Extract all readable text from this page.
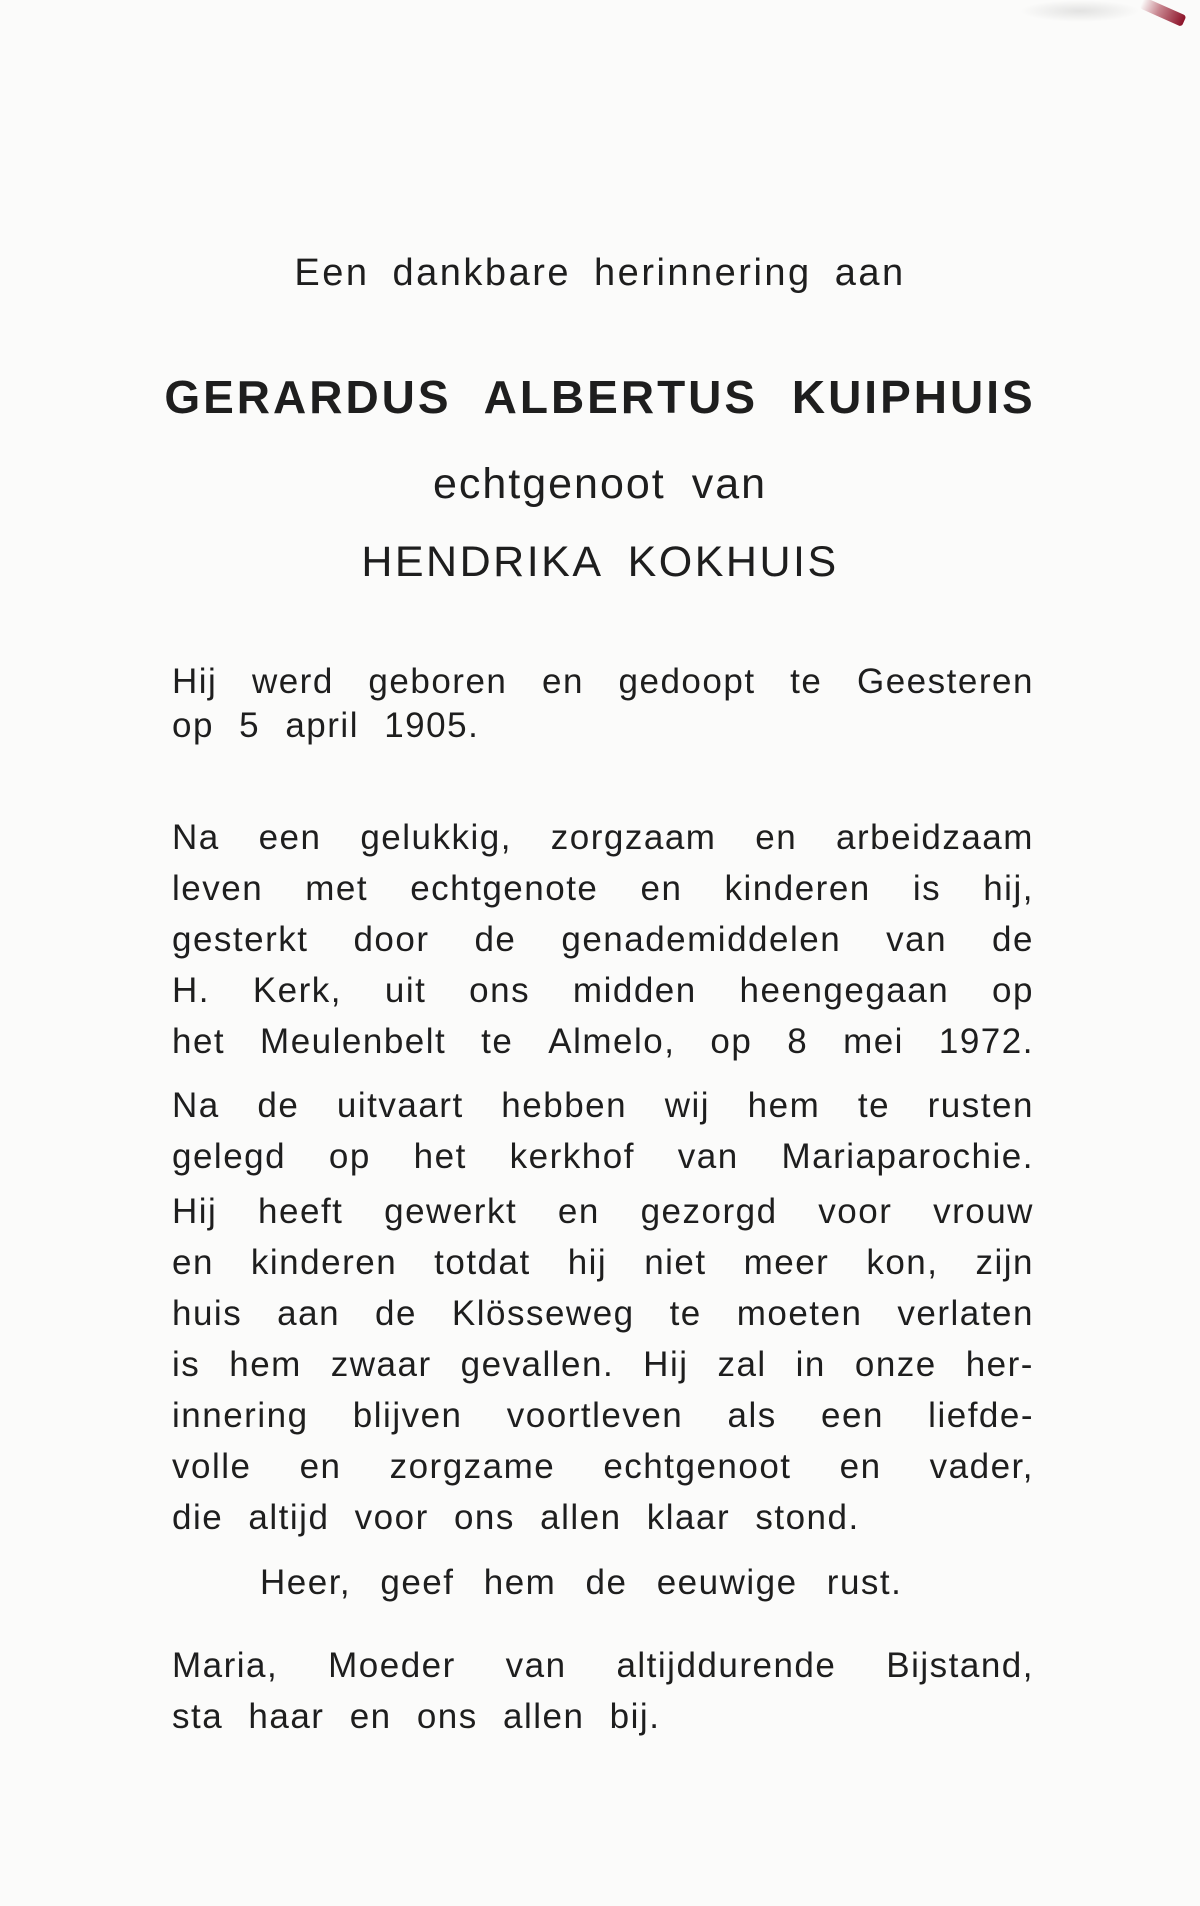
Een dankbare herinnering aan
GERARDUS ALBERTUS KUIPHUIS
echtgenoot van
HENDRIKA KOKHUIS
Hij werd geboren en gedoopt te Geesteren
op 5 april 1905.
Na een gelukkig, zorgzaam en arbeidzaam
leven met echtgenote en kinderen is hij,
gesterkt door de genademiddelen van de
H. Kerk, uit ons midden heengegaan op
het Meulenbelt te Almelo, op 8 mei 1972.
Na de uitvaart hebben wij hem te rusten
gelegd op het kerkhof van Mariaparochie.
Hij heeft gewerkt en gezorgd voor vrouw
en kinderen totdat hij niet meer kon, zijn
huis aan de Klösseweg te moeten verlaten
is hem zwaar gevallen. Hij zal in onze her-
innering blijven voortleven als een liefde-
volle en zorgzame echtgenoot en vader,
die altijd voor ons allen klaar stond.
Heer, geef hem de eeuwige rust.
Maria, Moeder van altijddurende Bijstand,
sta haar en ons allen bij.
